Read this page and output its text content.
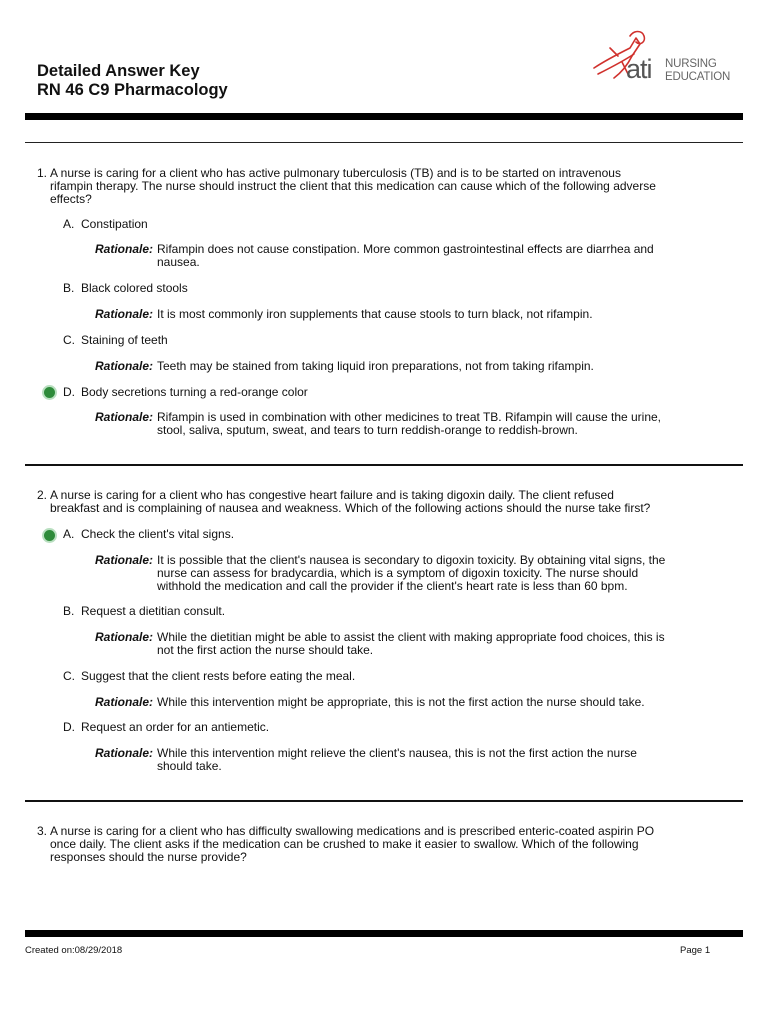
Detailed Answer Key
RN 46 C9 Pharmacology
ati NURSING
EDUCATION
1. A nurse is caring for a client who has active pulmonary tuberculosis (TB) and is to be started on intravenous
rifampin therapy. The nurse should instruct the client that this medication can cause which of the following adverse
effects?
A. Constipation
Rationale: Rifampin does not cause constipation. More common gastrointestinal effects are diarrhea and
nausea.
B. Black colored stools
Rationale: It is most commonly iron supplements that cause stools to turn black, not rifampin.
C. Staining of teeth
Rationale: Teeth may be stained from taking liquid iron preparations, not from taking rifampin.
D. Body secretions turning a red-orange color
Rationale: Rifampin is used in combination with other medicines to treat TB. Rifampin will cause the urine,
stool, saliva, sputum, sweat, and tears to turn reddish-orange to reddish-brown.
2. A nurse is caring for a client who has congestive heart failure and is taking digoxin daily. The client refused
breakfast and is complaining of nausea and weakness. Which of the following actions should the nurse take first?
A. Check the client's vital signs.
Rationale: It is possible that the client's nausea is secondary to digoxin toxicity. By obtaining vital signs, the
nurse can assess for bradycardia, which is a symptom of digoxin toxicity. The nurse should
withhold the medication and call the provider if the client's heart rate is less than 60 bpm.
B. Request a dietitian consult.
Rationale: While the dietitian might be able to assist the client with making appropriate food choices, this is
not the first action the nurse should take.
C. Suggest that the client rests before eating the meal.
Rationale: While this intervention might be appropriate, this is not the first action the nurse should take.
D. Request an order for an antiemetic.
Rationale: While this intervention might relieve the client's nausea, this is not the first action the nurse
should take.
3. A nurse is caring for a client who has difficulty swallowing medications and is prescribed enteric-coated aspirin PO
once daily. The client asks if the medication can be crushed to make it easier to swallow. Which of the following
responses should the nurse provide?
Created on:08/29/2018	Page 1
